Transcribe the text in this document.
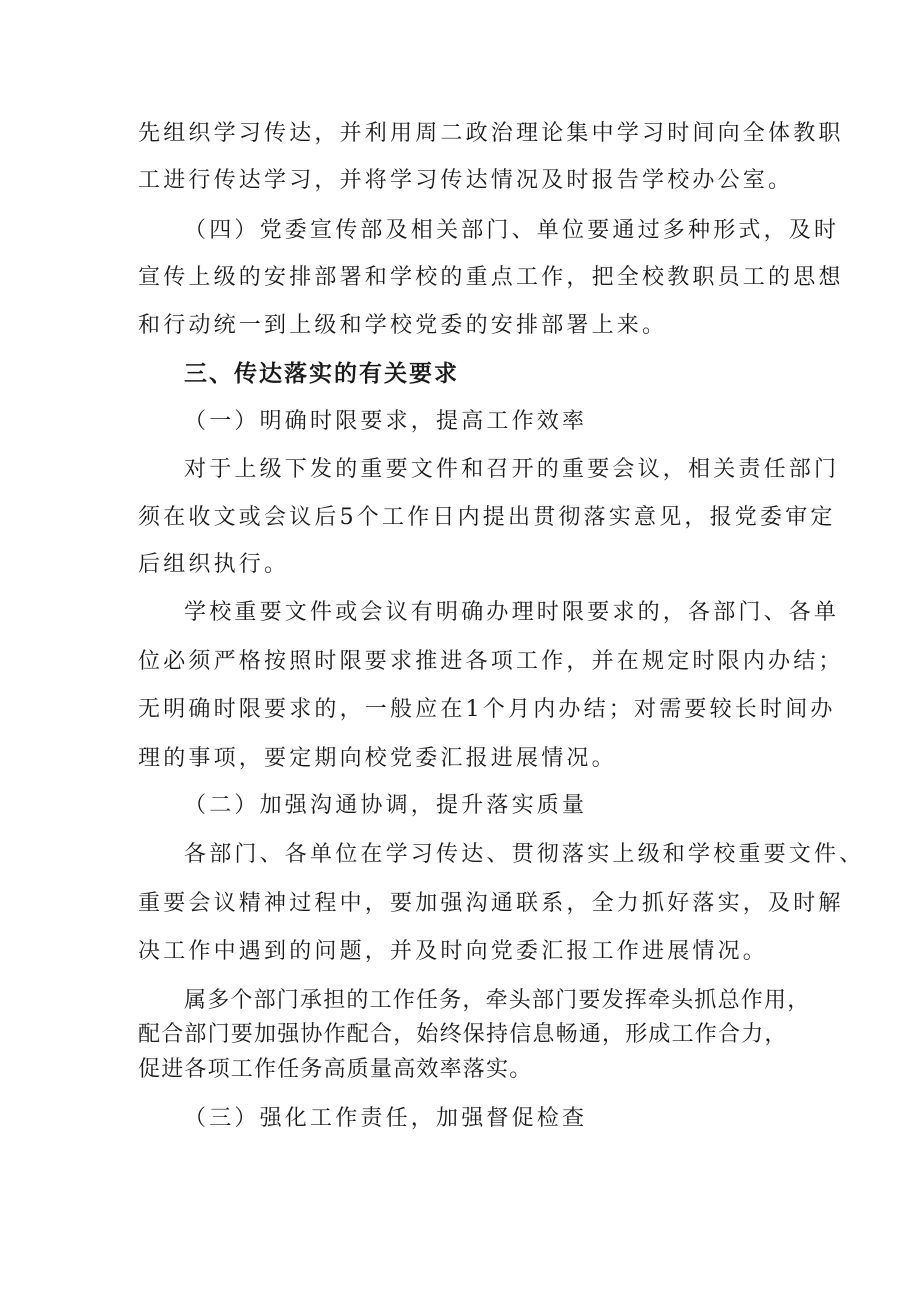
先组织学习传达，并利用周二政治理论集中学习时间向全体教职
工进行传达学习，并将学习传达情况及时报告学校办公室。
（四）党委宣传部及相关部门、单位要通过多种形式，及时
宣传上级的安排部署和学校的重点工作，把全校教职员工的思想
和行动统一到上级和学校党委的安排部署上来。
三、传达落实的有关要求
（一）明确时限要求，提高工作效率
对于上级下发的重要文件和召开的重要会议，相关责任部门
须在收文或会议后5个工作日内提出贯彻落实意见，报党委审定
后组织执行。
学校重要文件或会议有明确办理时限要求的，各部门、各单
位必须严格按照时限要求推进各项工作，并在规定时限内办结；
无明确时限要求的，一般应在1个月内办结；对需要较长时间办
理的事项，要定期向校党委汇报进展情况。
（二）加强沟通协调，提升落实质量
各部门、各单位在学习传达、贯彻落实上级和学校重要文件、
重要会议精神过程中，要加强沟通联系，全力抓好落实，及时解
决工作中遇到的问题，并及时向党委汇报工作进展情况。
属多个部门承担的工作任务，牵头部门要发挥牵头抓总作用，
配合部门要加强协作配合，始终保持信息畅通，形成工作合力，
促进各项工作任务高质量高效率落实。
（三）强化工作责任，加强督促检查
